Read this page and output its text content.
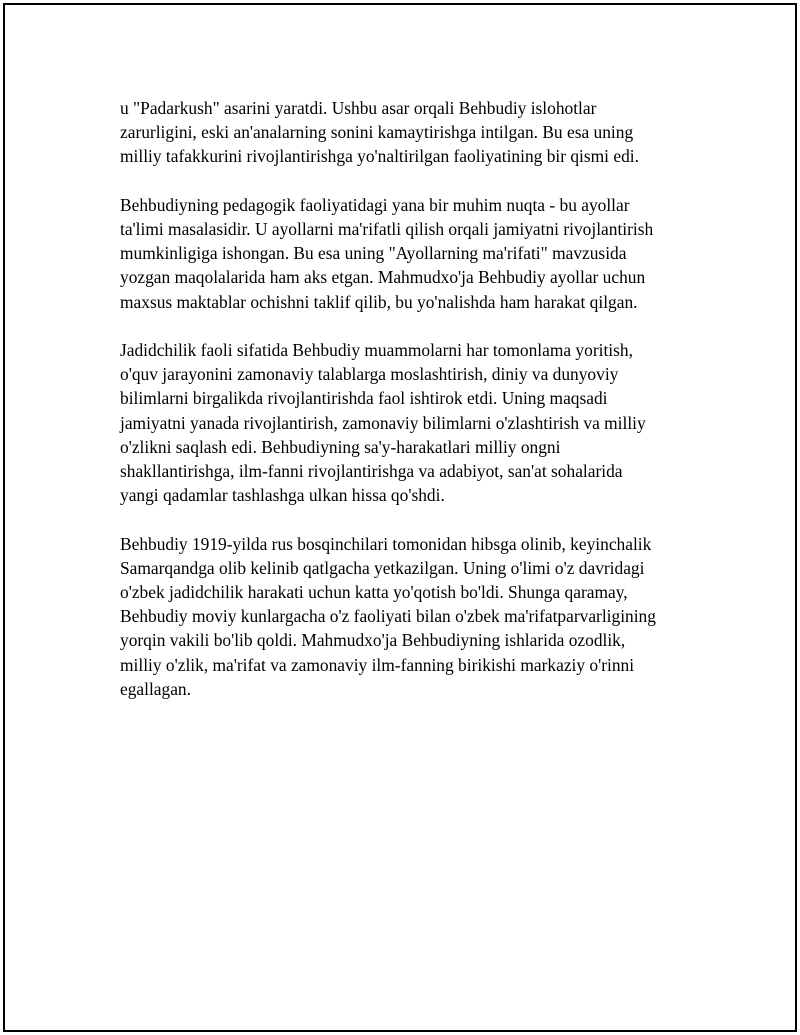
u "Padarkush" asarini yaratdi. Ushbu asar orqali Behbudiy islohotlar
zarurligini, eski an'analarning sonini kamaytirishga intilgan. Bu esa uning
milliy tafakkurini rivojlantirishga yo'naltirilgan faoliyatining bir qismi edi.

Behbudiyning pedagogik faoliyatidagi yana bir muhim nuqta - bu ayollar
ta'limi masalasidir. U ayollarni ma'rifatli qilish orqali jamiyatni rivojlantirish
mumkinligiga ishongan. Bu esa uning "Ayollarning ma'rifati" mavzusida
yozgan maqolalarida ham aks etgan. Mahmudxo'ja Behbudiy ayollar uchun
maxsus maktablar ochishni taklif qilib, bu yo'nalishda ham harakat qilgan.

Jadidchilik faoli sifatida Behbudiy muammolarni har tomonlama yoritish,
o'quv jarayonini zamonaviy talablarga moslashtirish, diniy va dunyoviy
bilimlarni birgalikda rivojlantirishda faol ishtirok etdi. Uning maqsadi
jamiyatni yanada rivojlantirish, zamonaviy bilimlarni o'zlashtirish va milliy
o'zlikni saqlash edi. Behbudiyning sa'y-harakatlari milliy ongni
shakllantirishga, ilm-fanni rivojlantirishga va adabiyot, san'at sohalarida
yangi qadamlar tashlashga ulkan hissa qo'shdi.

Behbudiy 1919-yilda rus bosqinchilari tomonidan hibsga olinib, keyinchalik
Samarqandga olib kelinib qatlgacha yetkazilgan. Uning o'limi o'z davridagi
o'zbek jadidchilik harakati uchun katta yo'qotish bo'ldi. Shunga qaramay,
Behbudiy moviy kunlargacha o'z faoliyati bilan o'zbek ma'rifatparvarligining
yorqin vakili bo'lib qoldi. Mahmudxo'ja Behbudiyning ishlarida ozodlik,
milliy o'zlik, ma'rifat va zamonaviy ilm-fanning birikishi markaziy o'rinni
egallagan.
